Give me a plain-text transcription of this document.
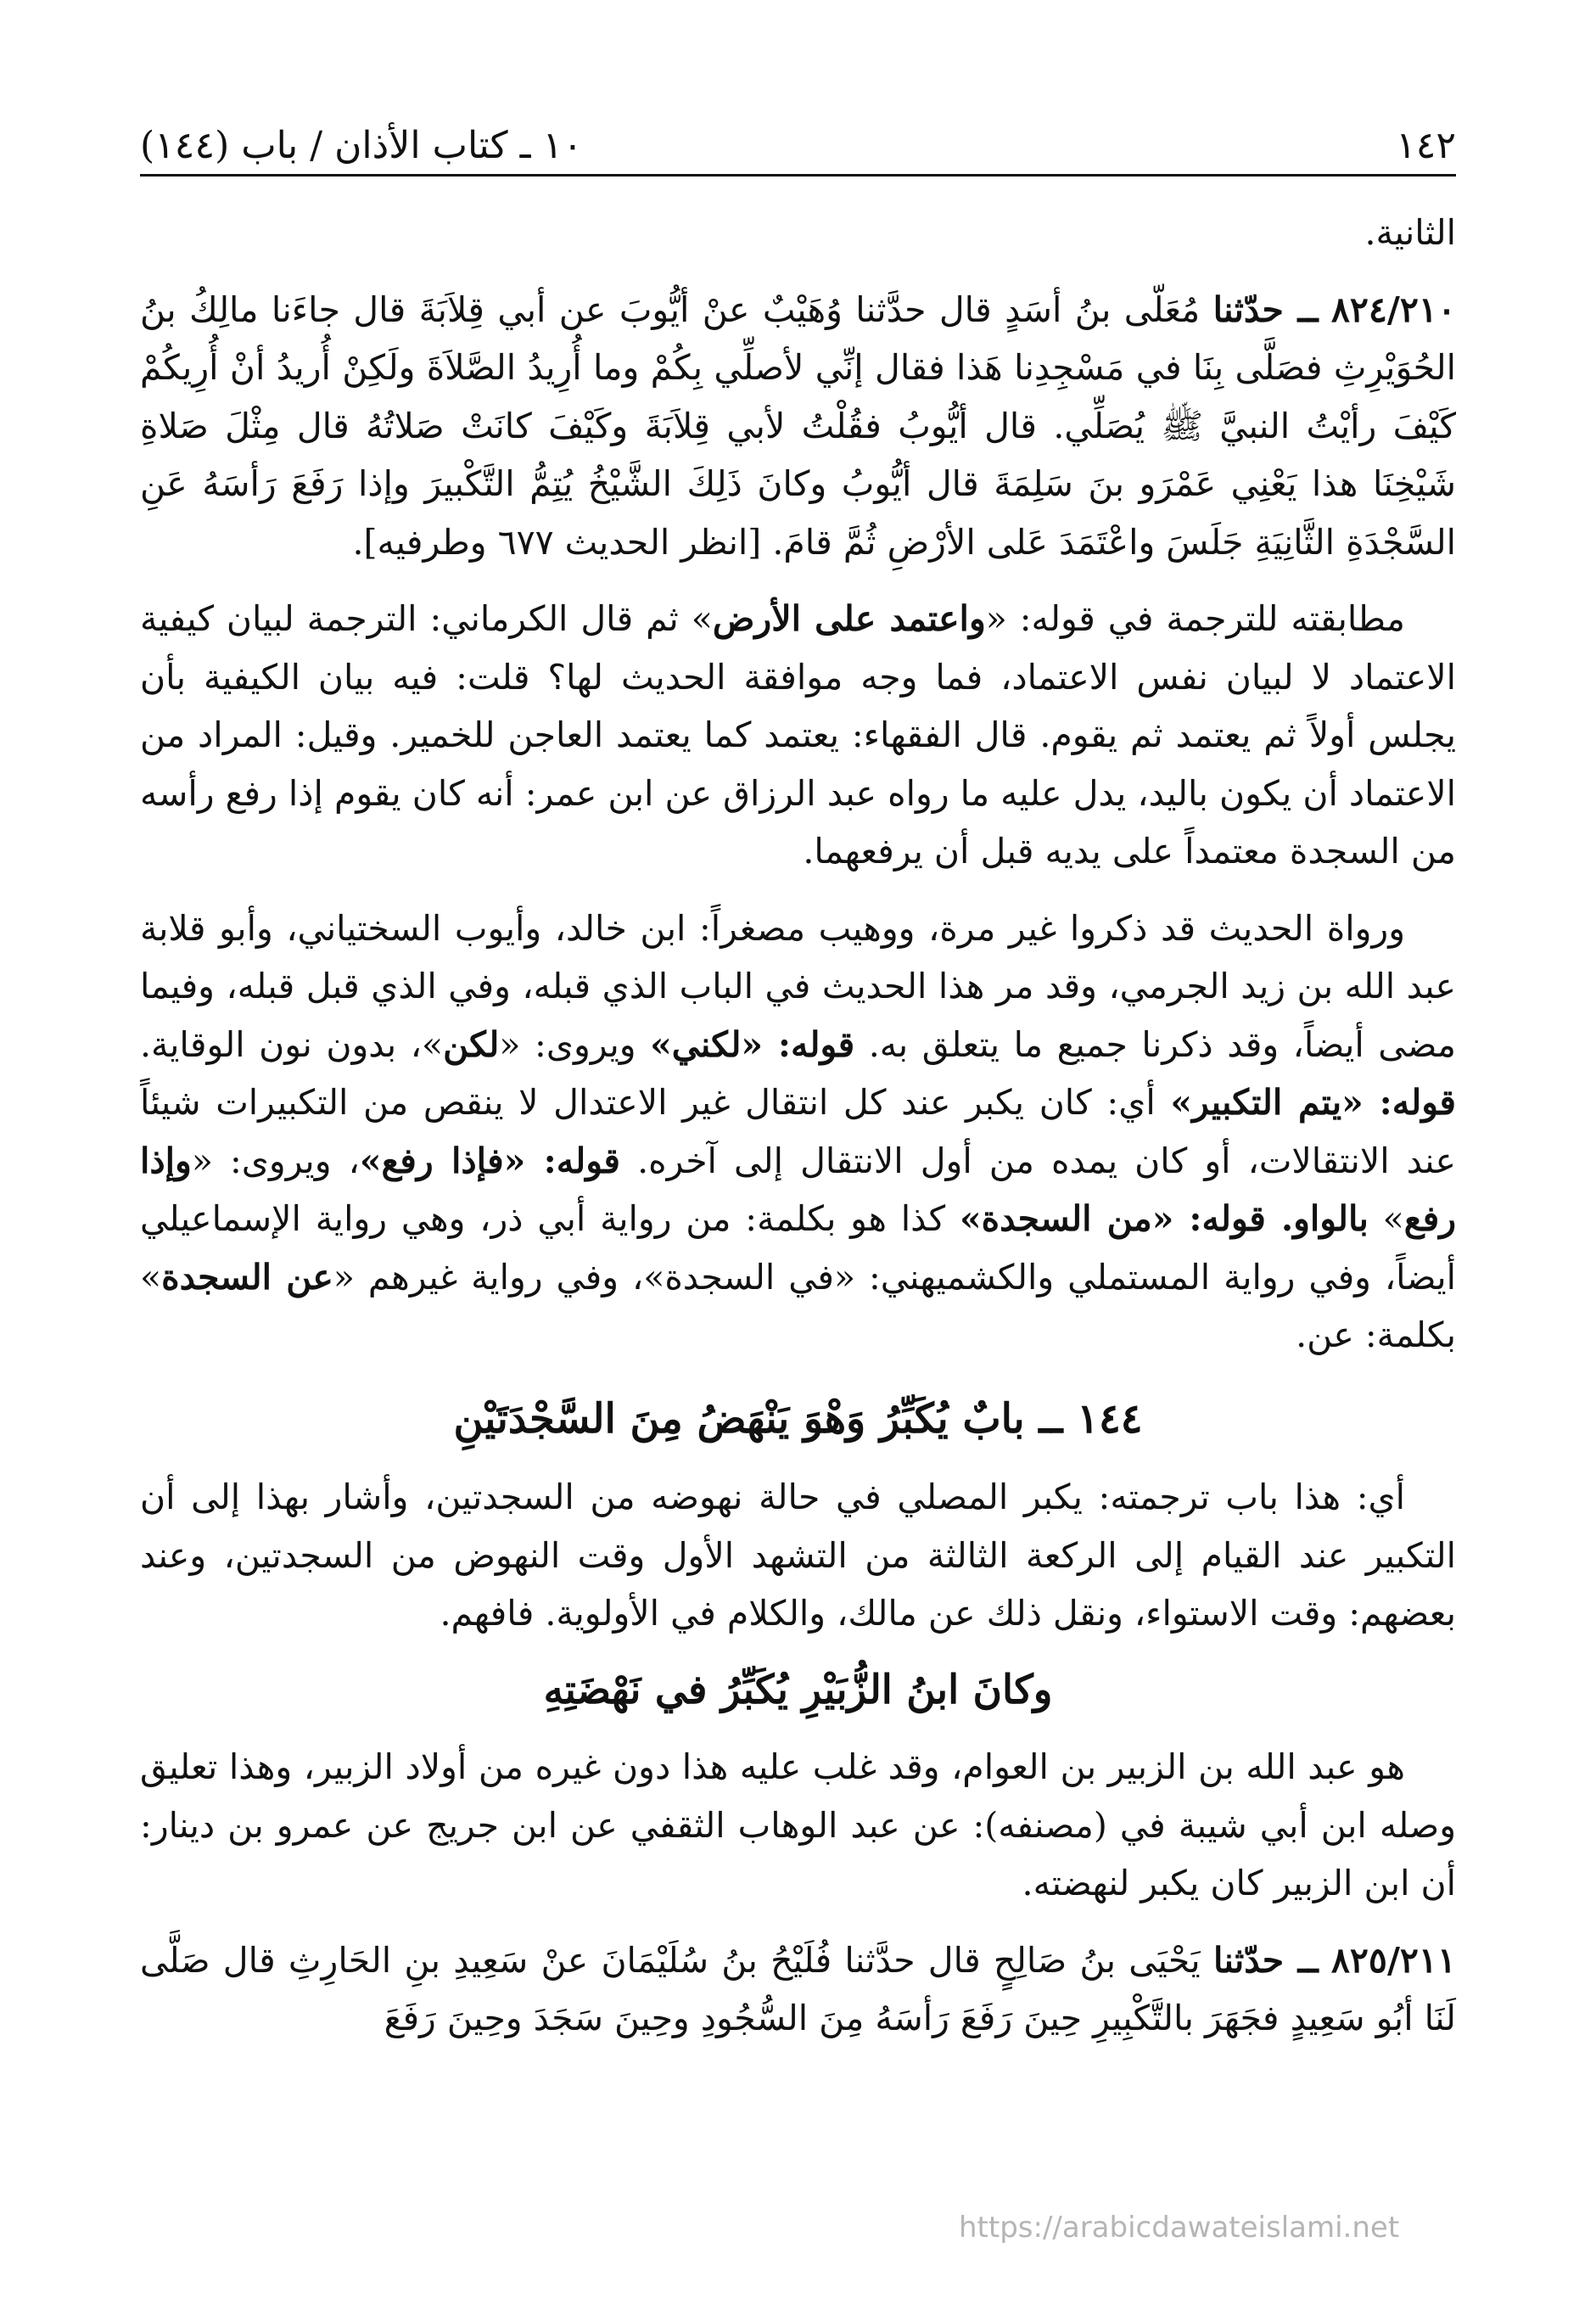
١٤٢
١٠ ـ كتاب الأذان / باب (١٤٤)

الثانية.

٨٢٤/٢١٠ ــ حدّثنا مُعَلّى بنُ أسَدٍ قال حدَّثنا وُهَيْبٌ عنْ أيُّوبَ عن أبي قِلاَبَةَ قال جاءَنا مالِكُ بنُ الحُوَيْرِثِ فصَلَّى بِنَا في مَسْجِدِنا هَذا فقال إنِّي لأصلِّي بِكُمْ وما أُرِيدُ الصَّلاَةَ ولَكِنْ أُريدُ أنْ أُرِيكُمْ كَيْفَ رأيْتُ النبيَّ ﷺ يُصَلِّي. قال أيُّوبُ فقُلْتُ لأبي قِلاَبَةَ وكَيْفَ كانَتْ صَلاتُهُ قال مِثْلَ صَلاةِ شَيْخِنَا هذا يَعْنِي عَمْرَو بنَ سَلِمَةَ قال أيُّوبُ وكانَ ذَلِكَ الشَّيْخُ يُتِمُّ التَّكْبيرَ وإذا رَفَعَ رَأسَهُ عَنِ السَّجْدَةِ الثَّانِيَةِ جَلَسَ واعْتَمَدَ عَلى الأرْضِ ثُمَّ قامَ. [انظر الحديث ٦٧٧ وطرفيه].

مطابقته للترجمة في قوله: «واعتمد على الأرض» ثم قال الكرماني: الترجمة لبيان كيفية الاعتماد لا لبيان نفس الاعتماد، فما وجه موافقة الحديث لها؟ قلت: فيه بيان الكيفية بأن يجلس أولاً ثم يعتمد ثم يقوم. قال الفقهاء: يعتمد كما يعتمد العاجن للخمير. وقيل: المراد من الاعتماد أن يكون باليد، يدل عليه ما رواه عبد الرزاق عن ابن عمر: أنه كان يقوم إذا رفع رأسه من السجدة معتمداً على يديه قبل أن يرفعهما.

ورواة الحديث قد ذكروا غير مرة، ووهيب مصغراً: ابن خالد، وأيوب السختياني، وأبو قلابة عبد الله بن زيد الجرمي، وقد مر هذا الحديث في الباب الذي قبله، وفي الذي قبل قبله، وفيما مضى أيضاً، وقد ذكرنا جميع ما يتعلق به. قوله: «لكني» ويروى: «لكن»، بدون نون الوقاية. قوله: «يتم التكبير» أي: كان يكبر عند كل انتقال غير الاعتدال لا ينقص من التكبيرات شيئاً عند الانتقالات، أو كان يمده من أول الانتقال إلى آخره. قوله: «فإذا رفع»، ويروى: «وإذا رفع» بالواو. قوله: «من السجدة» كذا هو بكلمة: من رواية أبي ذر، وهي رواية الإسماعيلي أيضاً، وفي رواية المستملي والكشميهني: «في السجدة»، وفي رواية غيرهم «عن السجدة» بكلمة: عن.

١٤٤ ــ بابٌ يُكَبِّرُ وَهْوَ يَنْهَضُ مِنَ السَّجْدَتَيْنِ

أي: هذا باب ترجمته: يكبر المصلي في حالة نهوضه من السجدتين، وأشار بهذا إلى أن التكبير عند القيام إلى الركعة الثالثة من التشهد الأول وقت النهوض من السجدتين، وعند بعضهم: وقت الاستواء، ونقل ذلك عن مالك، والكلام في الأولوية. فافهم.

وكانَ ابنُ الزُّبَيْرِ يُكَبِّرُ في نَهْضَتِهِ

هو عبد الله بن الزبير بن العوام، وقد غلب عليه هذا دون غيره من أولاد الزبير، وهذا تعليق وصله ابن أبي شيبة في (مصنفه): عن عبد الوهاب الثقفي عن ابن جريج عن عمرو بن دينار: أن ابن الزبير كان يكبر لنهضته.

٨٢٥/٢١١ ــ حدّثنا يَحْيَى بنُ صَالِحٍ قال حدَّثنا فُلَيْحُ بنُ سُلَيْمَانَ عنْ سَعِيدِ بنِ الحَارِثِ قال صَلَّى لَنَا أبُو سَعِيدٍ فجَهَرَ بالتَّكْبِيرِ حِينَ رَفَعَ رَأسَهُ مِنَ السُّجُودِ وحِينَ سَجَدَ وحِينَ رَفَعَ

https://arabicdawateislami.net
